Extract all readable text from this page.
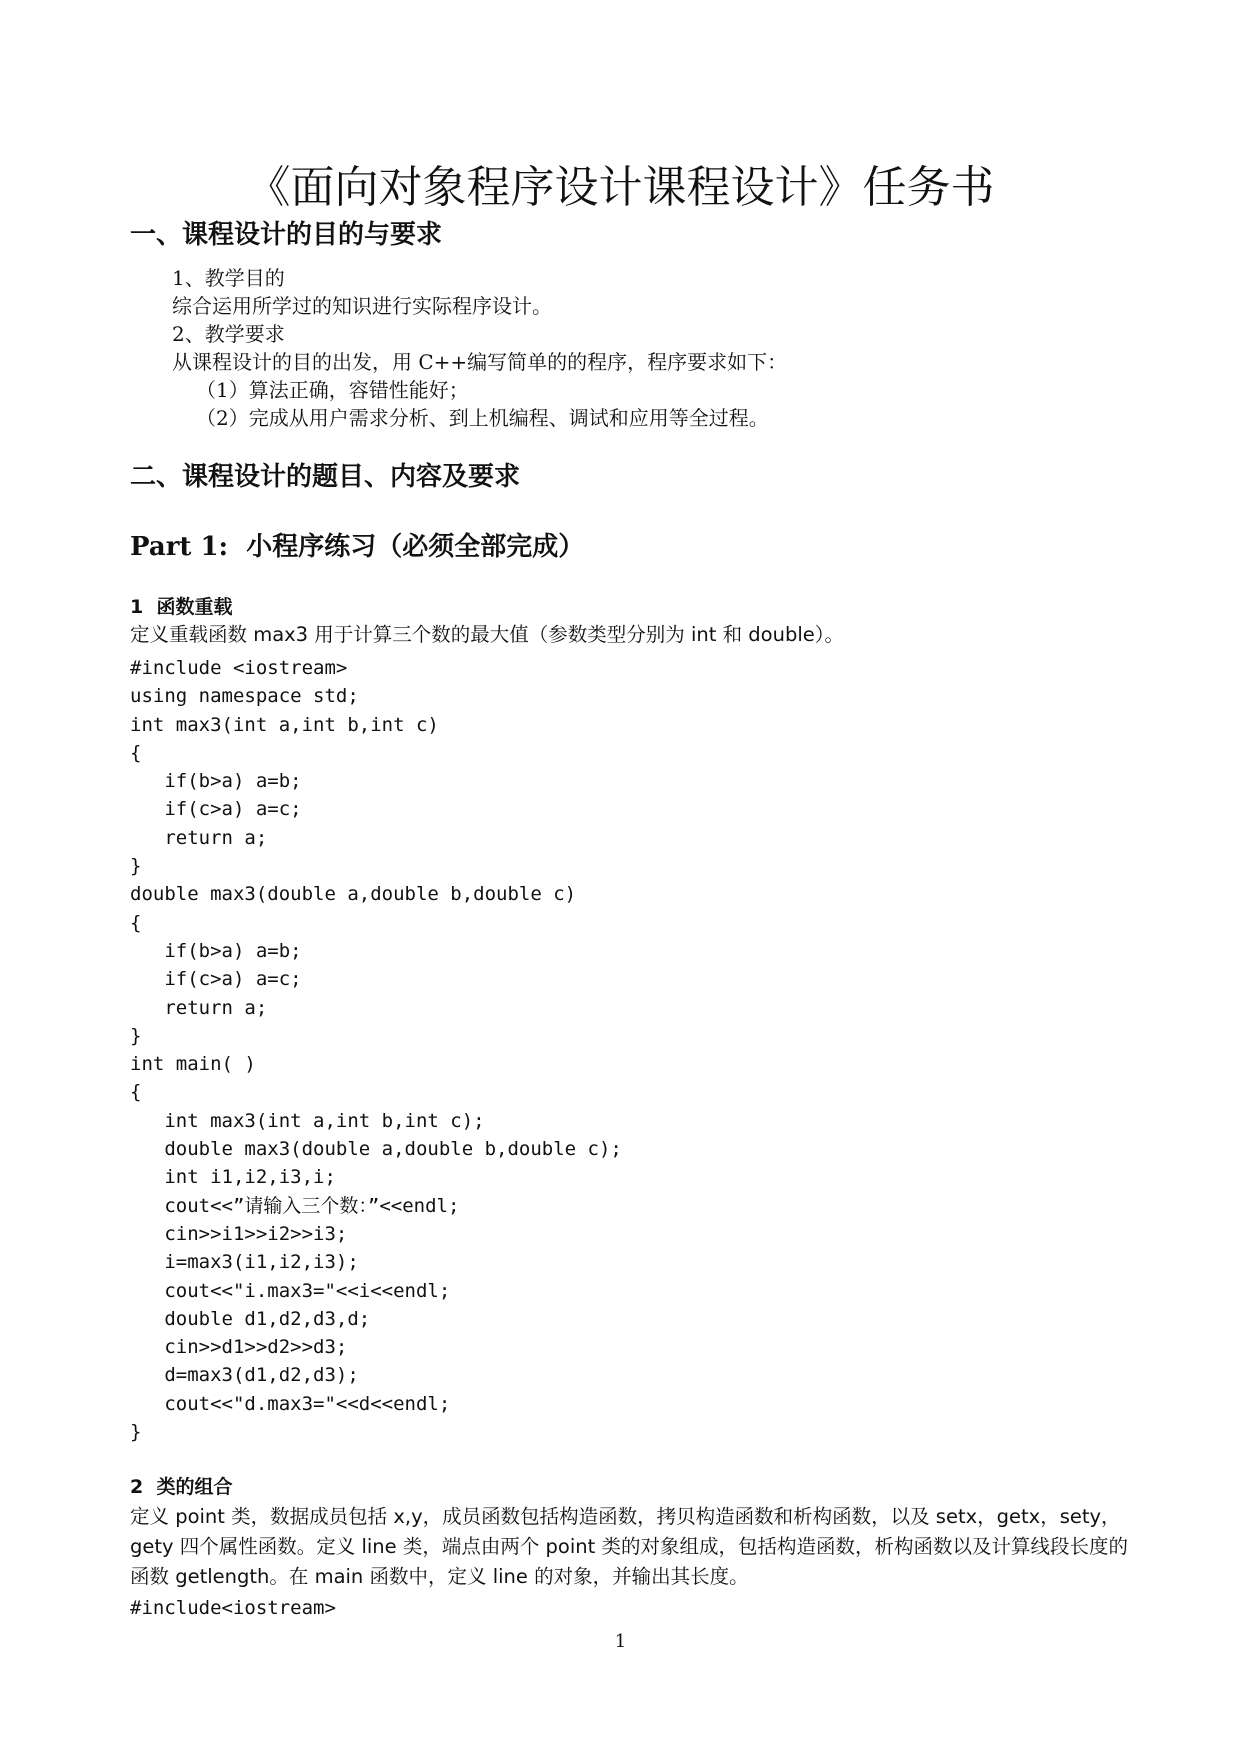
《面向对象程序设计课程设计》任务书
一、课程设计的目的与要求

1、教学目的

综合运用所学过的知识进行实际程序设计。

2、教学要求

从课程设计的目的出发，用 C++编写简单的的程序，程序要求如下：

（1）算法正确，容错性能好；

（2）完成从用户需求分析、到上机编程、调试和应用等全过程。

二、课程设计的题目、内容及要求
Part 1:  小程序练习（必须全部完成）
1  函数重载

定义重载函数 max3 用于计算三个数的最大值（参数类型分别为 int 和 double）。

#include <iostream>
using namespace std;
int max3(int a,int b,int c)
{
if(b>a) a=b;
if(c>a) a=c;
return a;
}
double max3(double a,double b,double c)
{
if(b>a) a=b;
if(c>a) a=c;
return a;
}
int main( )
{
int max3(int a,int b,int c);
double max3(double a,double b,double c);
int i1,i2,i3,i;
cout<<”请输入三个数：”<<endl;
cin>>i1>>i2>>i3;
i=max3(i1,i2,i3);
cout<<"i.max3="<<i<<endl;
double d1,d2,d3,d;
cin>>d1>>d2>>d3;
d=max3(d1,d2,d3);
cout<<"d.max3="<<d<<endl;
}
2  类的组合

定义 point 类，数据成员包括 x,y，成员函数包括构造函数，拷贝构造函数和析构函数，以及 setx，getx，sety，gety 四个属性函数。定义 line 类，端点由两个 point 类的对象组成，包括构造函数，析构函数以及计算线段长度的函数 getlength。在 main 函数中，定义 line 的对象，并输出其长度。

#include<iostream>
1
